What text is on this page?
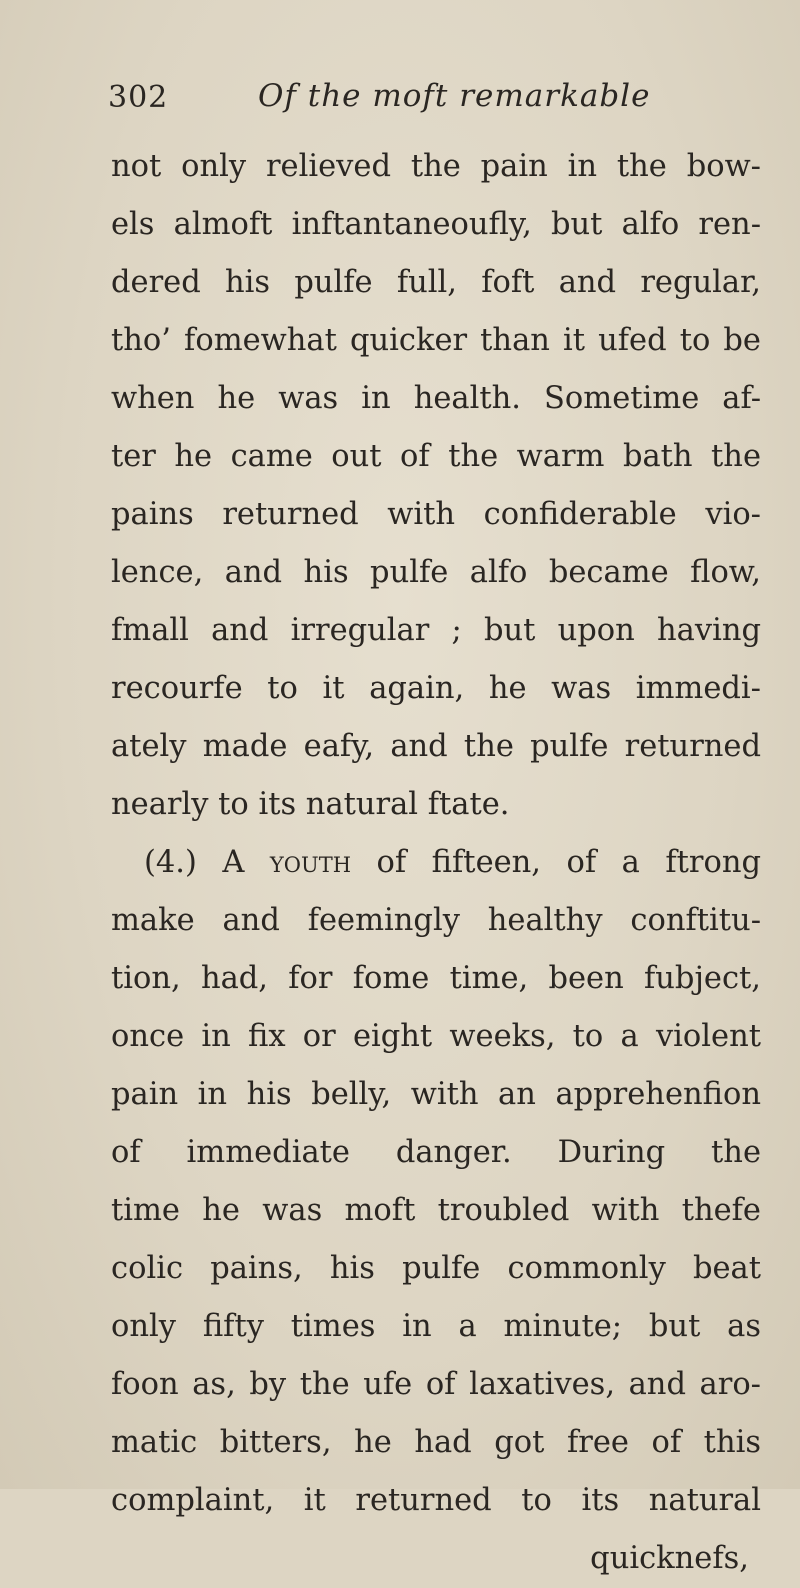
302	Of the moft remarkable
not only relieved the pain in the bow-
els almoft inftantaneoufly, but alfo ren-
dered his pulfe full, foft and regular,
tho’ fomewhat quicker than it ufed to be
when he was in health. Sometime af-
ter he came out of the warm bath the
pains returned with confiderable vio-
lence, and his pulfe alfo became flow,
fmall and irregular ; but upon having
recourfe to it again, he was immedi-
ately made eafy, and the pulfe returned
nearly to its natural ftate.
(4.) A youth of fifteen, of a ftrong
make and feemingly healthy conftitu-
tion, had, for fome time, been fubject,
once in fix or eight weeks, to a violent
pain in his belly, with an apprehenfion
of immediate danger. During the
time he was moft troubled with thefe
colic pains, his pulfe commonly beat
only fifty times in a minute; but as
foon as, by the ufe of laxatives, and aro-
matic bitters, he had got free of this
complaint, it returned to its natural
quicknefs,
